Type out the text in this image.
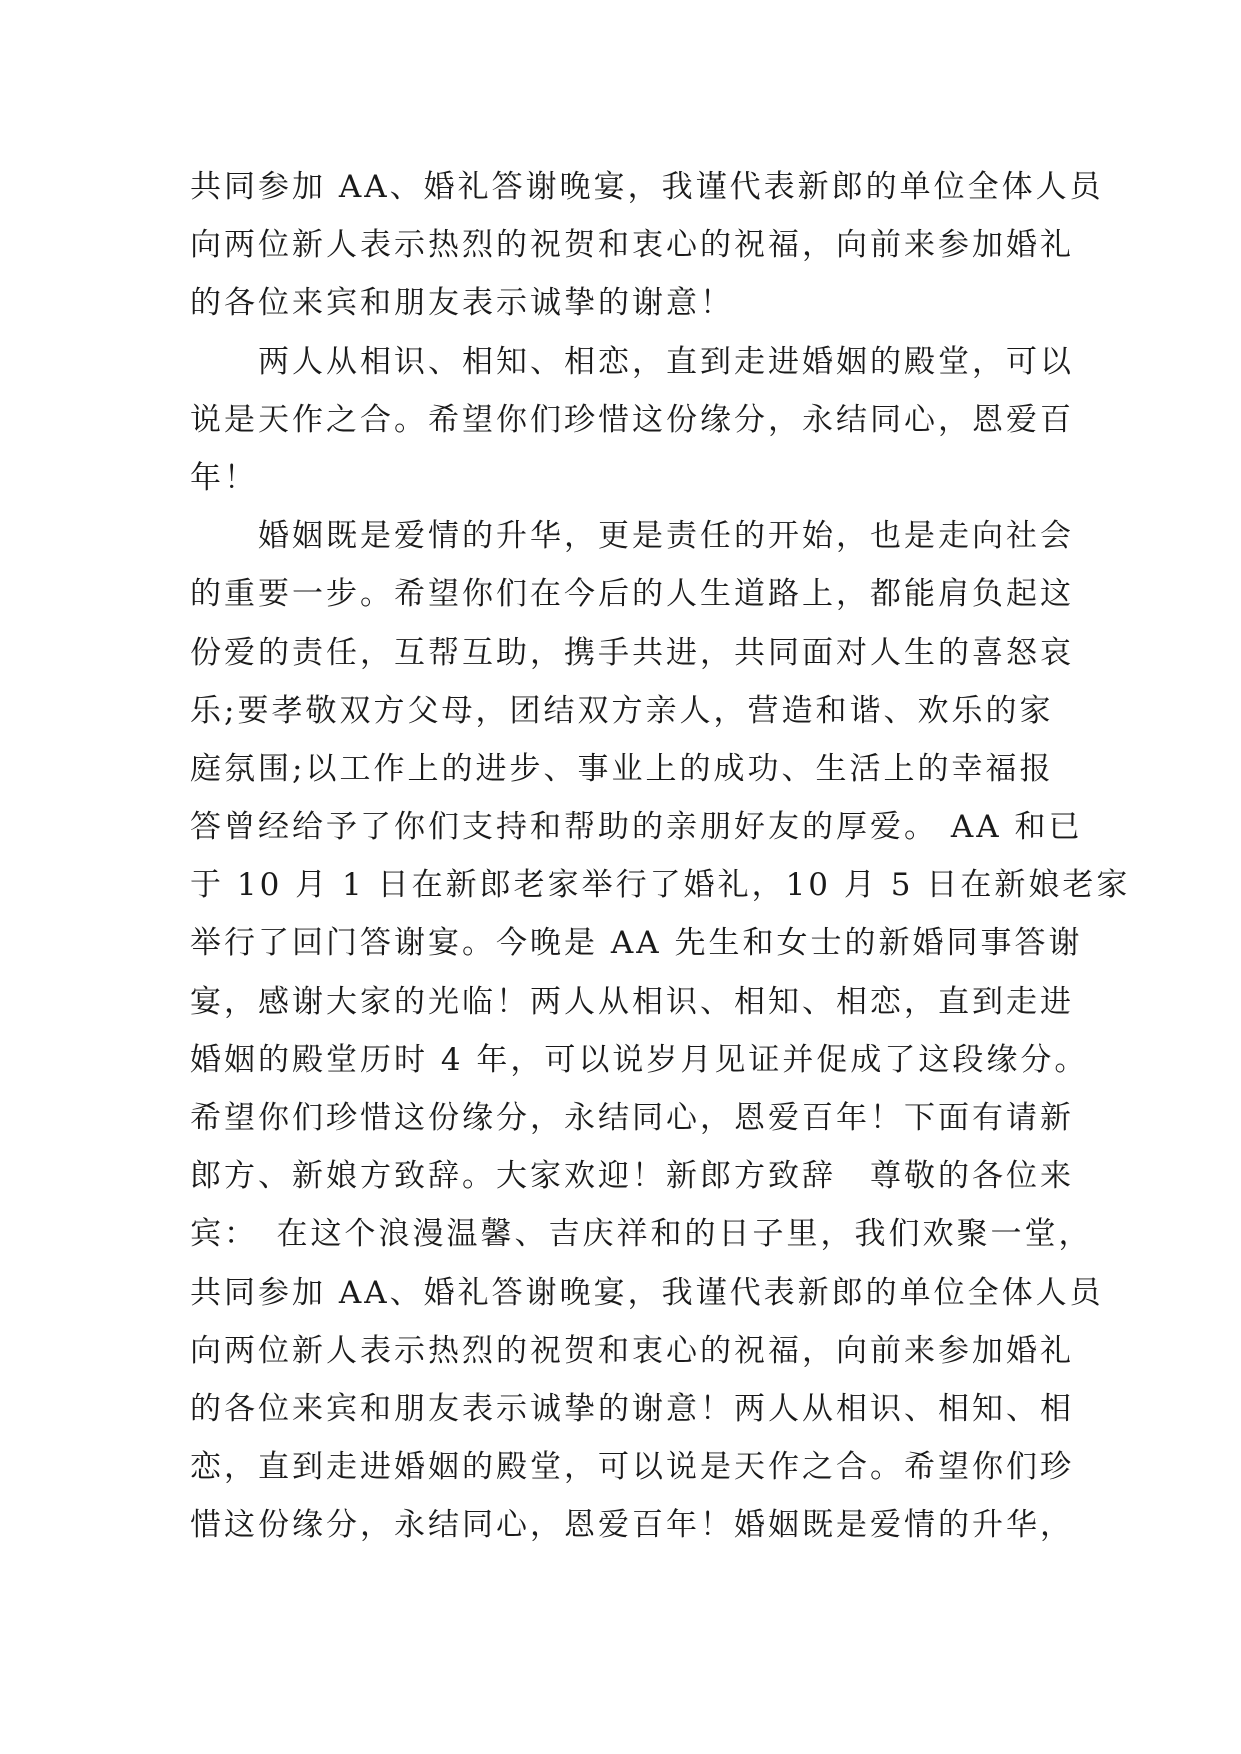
共同参加 AA、婚礼答谢晚宴，我谨代表新郎的单位全体人员
向两位新人表示热烈的祝贺和衷心的祝福，向前来参加婚礼
的各位来宾和朋友表示诚挚的谢意！
　　两人从相识、相知、相恋，直到走进婚姻的殿堂，可以
说是天作之合。希望你们珍惜这份缘分，永结同心，恩爱百
年！
　　婚姻既是爱情的升华，更是责任的开始，也是走向社会
的重要一步。希望你们在今后的人生道路上，都能肩负起这
份爱的责任，互帮互助，携手共进，共同面对人生的喜怒哀
乐;要孝敬双方父母，团结双方亲人，营造和谐、欢乐的家
庭氛围;以工作上的进步、事业上的成功、生活上的幸福报
答曾经给予了你们支持和帮助的亲朋好友的厚爱。 AA 和已
于 10 月 1 日在新郎老家举行了婚礼，10 月 5 日在新娘老家
举行了回门答谢宴。今晚是 AA 先生和女士的新婚同事答谢
宴，感谢大家的光临！两人从相识、相知、相恋，直到走进
婚姻的殿堂历时 4 年，可以说岁月见证并促成了这段缘分。
希望你们珍惜这份缘分，永结同心，恩爱百年！下面有请新
郎方、新娘方致辞。大家欢迎！新郎方致辞　尊敬的各位来
宾：　在这个浪漫温馨、吉庆祥和的日子里，我们欢聚一堂，
共同参加 AA、婚礼答谢晚宴，我谨代表新郎的单位全体人员
向两位新人表示热烈的祝贺和衷心的祝福，向前来参加婚礼
的各位来宾和朋友表示诚挚的谢意！两人从相识、相知、相
恋，直到走进婚姻的殿堂，可以说是天作之合。希望你们珍
惜这份缘分，永结同心，恩爱百年！婚姻既是爱情的升华，
